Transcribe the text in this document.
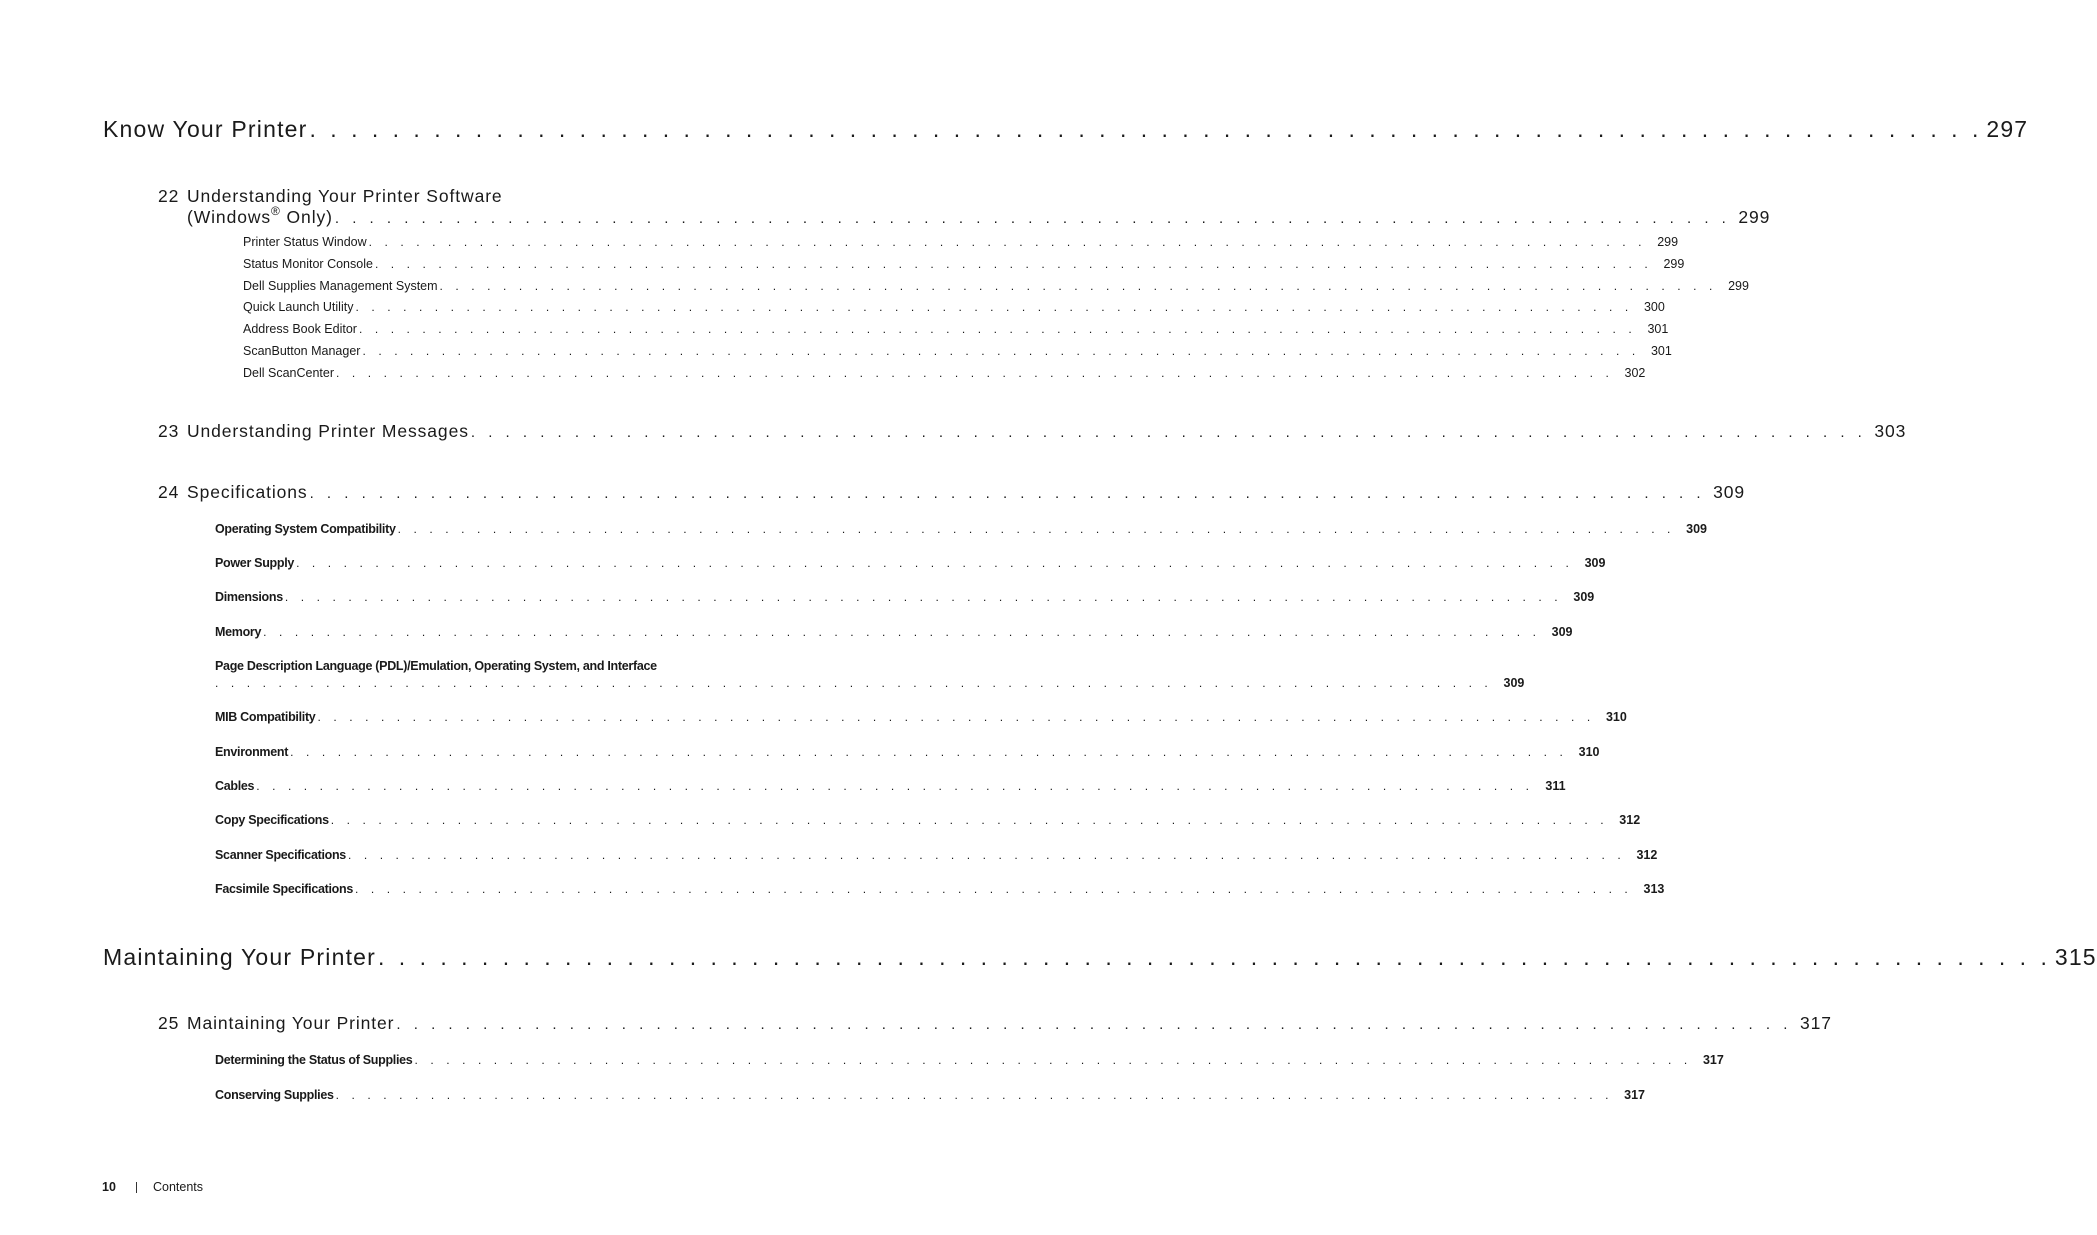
Know Your Printer . . . . . . . . . . . . . . . . . . . . . . . . . . . . . . . . . . . . . . . . . . . . . . . . . . . . . . . . . . . . . . . . . . . . . . . . . . . . . . . . . 297
22 Understanding Your Printer Software
(Windows® Only) . . . . . . . . . . . . . . . . . . . . . . . . . . . . . . . . . . . . . . . . . . . . . . . . . . . . . . . . . . . . . . . . . . . . . . . . . . . . . . . . . 299
Printer Status Window . . . . . . . . . . . . . . . . . . . . . . . . . . . . . . . . . . . . . . . . . . . . . . . . . . . . . . . . . . . . . . . . . . . . . . . . . . . . . . . . . 299
Status Monitor Console . . . . . . . . . . . . . . . . . . . . . . . . . . . . . . . . . . . . . . . . . . . . . . . . . . . . . . . . . . . . . . . . . . . . . . . . . . . . . . . . . 299
Dell Supplies Management System . . . . . . . . . . . . . . . . . . . . . . . . . . . . . . . . . . . . . . . . . . . . . . . . . . . . . . . . . . . . . . . . . . . . . . . . . . . . . . . . . 299
Quick Launch Utility . . . . . . . . . . . . . . . . . . . . . . . . . . . . . . . . . . . . . . . . . . . . . . . . . . . . . . . . . . . . . . . . . . . . . . . . . . . . . . . . . 300
Address Book Editor . . . . . . . . . . . . . . . . . . . . . . . . . . . . . . . . . . . . . . . . . . . . . . . . . . . . . . . . . . . . . . . . . . . . . . . . . . . . . . . . . 301
ScanButton Manager . . . . . . . . . . . . . . . . . . . . . . . . . . . . . . . . . . . . . . . . . . . . . . . . . . . . . . . . . . . . . . . . . . . . . . . . . . . . . . . . . 301
Dell ScanCenter . . . . . . . . . . . . . . . . . . . . . . . . . . . . . . . . . . . . . . . . . . . . . . . . . . . . . . . . . . . . . . . . . . . . . . . . . . . . . . . . . 302
23 Understanding Printer Messages . . . . . . . . . . . . . . . . . . . . . . . . . . . . . . . . . . . . . . . . . . . . . . . . . . . . . . . . . . . . . . . . . . . . . . . . . . . . . . . . . 303
24 Specifications . . . . . . . . . . . . . . . . . . . . . . . . . . . . . . . . . . . . . . . . . . . . . . . . . . . . . . . . . . . . . . . . . . . . . . . . . . . . . . . . . 309
Operating System Compatibility . . . . . . . . . . . . . . . . . . . . . . . . . . . . . . . . . . . . . . . . . . . . . . . . . . . . . . . . . . . . . . . . . . . . . . . . . . . . . . . . . 309
Power Supply . . . . . . . . . . . . . . . . . . . . . . . . . . . . . . . . . . . . . . . . . . . . . . . . . . . . . . . . . . . . . . . . . . . . . . . . . . . . . . . . . 309
Dimensions . . . . . . . . . . . . . . . . . . . . . . . . . . . . . . . . . . . . . . . . . . . . . . . . . . . . . . . . . . . . . . . . . . . . . . . . . . . . . . . . . 309
Memory . . . . . . . . . . . . . . . . . . . . . . . . . . . . . . . . . . . . . . . . . . . . . . . . . . . . . . . . . . . . . . . . . . . . . . . . . . . . . . . . . 309
Page Description Language (PDL)/Emulation, Operating System, and Interface
. . . . . . . . . . . . . . . . . . . . . . . . . . . . . . . . . . . . . . . . . . . . . . . . . . . . . . . . . . . . . . . . . . . . . . . . . . . . . . . . . 309
MIB Compatibility . . . . . . . . . . . . . . . . . . . . . . . . . . . . . . . . . . . . . . . . . . . . . . . . . . . . . . . . . . . . . . . . . . . . . . . . . . . . . . . . . 310
Environment . . . . . . . . . . . . . . . . . . . . . . . . . . . . . . . . . . . . . . . . . . . . . . . . . . . . . . . . . . . . . . . . . . . . . . . . . . . . . . . . . 310
Cables . . . . . . . . . . . . . . . . . . . . . . . . . . . . . . . . . . . . . . . . . . . . . . . . . . . . . . . . . . . . . . . . . . . . . . . . . . . . . . . . . 311
Copy Specifications . . . . . . . . . . . . . . . . . . . . . . . . . . . . . . . . . . . . . . . . . . . . . . . . . . . . . . . . . . . . . . . . . . . . . . . . . . . . . . . . . 312
Scanner Specifications . . . . . . . . . . . . . . . . . . . . . . . . . . . . . . . . . . . . . . . . . . . . . . . . . . . . . . . . . . . . . . . . . . . . . . . . . . . . . . . . . 312
Facsimile Specifications . . . . . . . . . . . . . . . . . . . . . . . . . . . . . . . . . . . . . . . . . . . . . . . . . . . . . . . . . . . . . . . . . . . . . . . . . . . . . . . . . 313
Maintaining Your Printer . . . . . . . . . . . . . . . . . . . . . . . . . . . . . . . . . . . . . . . . . . . . . . . . . . . . . . . . . . . . . . . . . . . . . . . . . . . . . . . . . 315
25 Maintaining Your Printer . . . . . . . . . . . . . . . . . . . . . . . . . . . . . . . . . . . . . . . . . . . . . . . . . . . . . . . . . . . . . . . . . . . . . . . . . . . . . . . . . 317
Determining the Status of Supplies . . . . . . . . . . . . . . . . . . . . . . . . . . . . . . . . . . . . . . . . . . . . . . . . . . . . . . . . . . . . . . . . . . . . . . . . . . . . . . . . . 317
Conserving Supplies . . . . . . . . . . . . . . . . . . . . . . . . . . . . . . . . . . . . . . . . . . . . . . . . . . . . . . . . . . . . . . . . . . . . . . . . . . . . . . . . . 317
10	Contents
